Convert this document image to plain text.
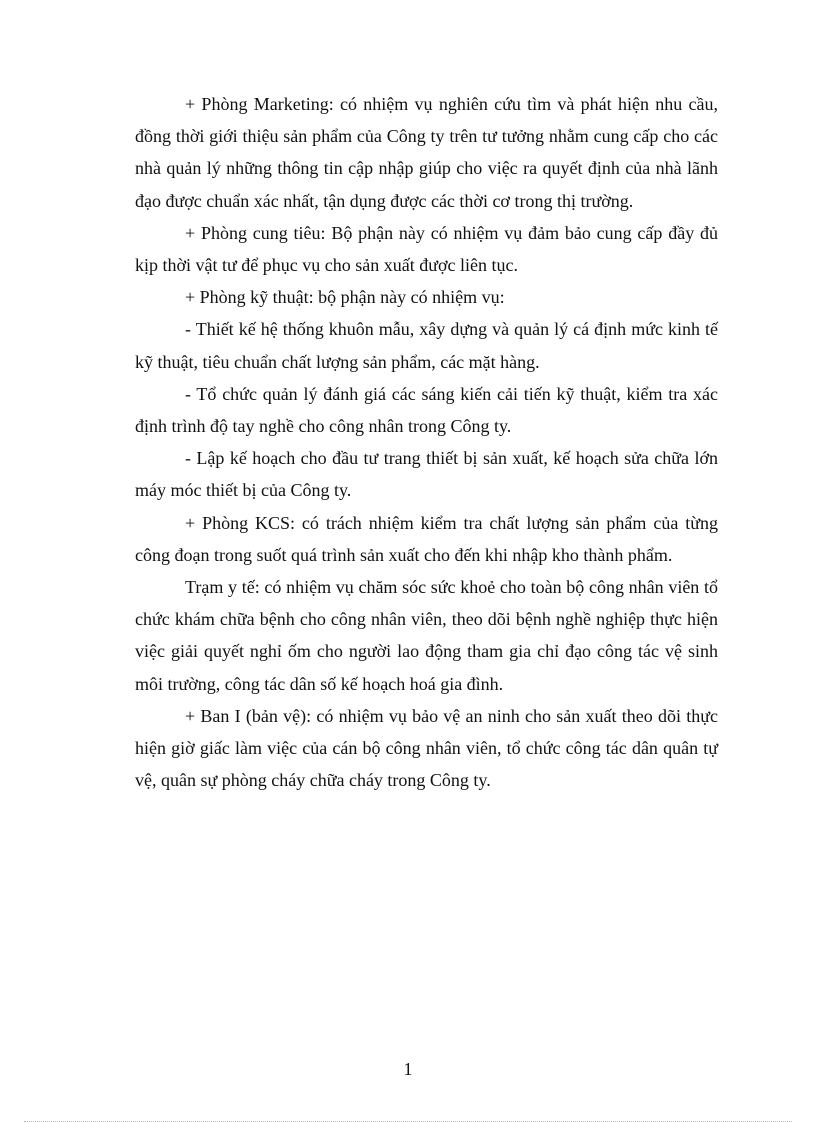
+ Phòng Marketing: có nhiệm vụ nghiên cứu tìm và phát hiện nhu cầu, đồng thời giới thiệu sản phẩm của Công ty trên tư tưởng nhằm cung cấp cho các nhà quản lý những thông tin cập nhập giúp cho việc ra quyết định của nhà lãnh đạo được chuẩn xác nhất, tận dụng được các thời cơ trong thị trường.

+ Phòng cung tiêu: Bộ phận này có nhiệm vụ đảm bảo cung cấp đầy đủ kịp thời vật tư để phục vụ cho sản xuất được liên tục.

+ Phòng kỹ thuật: bộ phận này có nhiệm vụ:

- Thiết kế hệ thống khuôn mẫu, xây dựng và quản lý cá định mức kinh tế kỹ thuật, tiêu chuẩn chất lượng sản phẩm, các mặt hàng.

- Tổ chức quản lý đánh giá các sáng kiến cải tiến kỹ thuật, kiểm tra xác định trình độ tay nghề cho công nhân trong Công ty.

- Lập kế hoạch cho đầu tư trang thiết bị sản xuất, kế hoạch sửa chữa lớn máy móc thiết bị của Công ty.

+ Phòng KCS: có trách nhiệm kiểm tra chất lượng sản phẩm của từng công đoạn trong suốt quá trình sản xuất cho đến khi nhập kho thành phẩm.

Trạm y tế: có nhiệm vụ chăm sóc sức khoẻ cho toàn bộ công nhân viên tổ chức khám chữa bệnh cho công nhân viên, theo dõi bệnh nghề nghiệp thực hiện việc giải quyết nghỉ ốm cho người lao động tham gia chỉ đạo công tác vệ sinh môi trường, công tác dân số kế hoạch hoá gia đình.

+ Ban I (bản vệ): có nhiệm vụ bảo vệ an ninh cho sản xuất theo dõi thực hiện giờ giấc làm việc của cán bộ công nhân viên, tổ chức công tác dân quân tự vệ, quân sự phòng cháy chữa cháy trong Công ty.

1
